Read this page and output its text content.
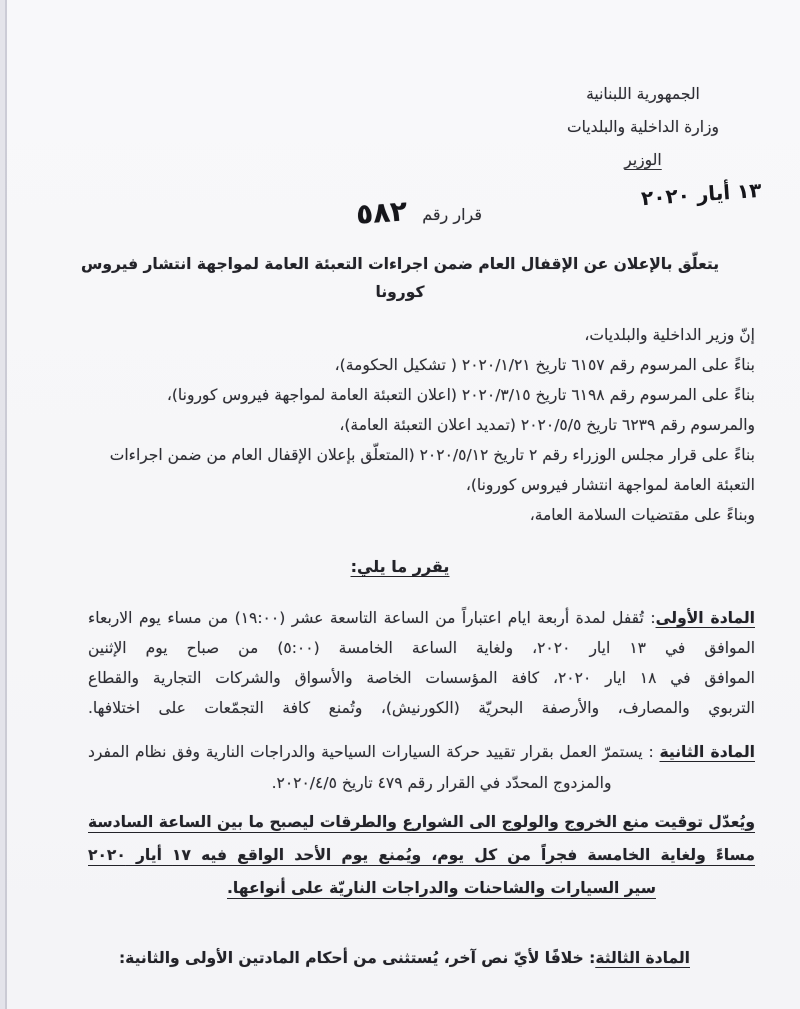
الجمهورية اللبنانية
وزارة الداخلية والبلديات
الوزير
١٣ أيار ٢٠٢٠
قرار رقم ٥٨٢
يتعلّق بالإعلان عن الإقفال العام ضمن اجراءات التعبئة العامة لمواجهة انتشار فيروس كورونا
إنّ وزير الداخلية والبلديات،
بناءً على المرسوم رقم ٦١٥٧ تاريخ ٢٠٢٠/١/٢١ ( تشكيل الحكومة)،
بناءً على المرسوم رقم ٦١٩٨ تاريخ ٢٠٢٠/٣/١٥ (اعلان التعبئة العامة لمواجهة فيروس كورونا)،
والمرسوم رقم ٦٢٣٩ تاريخ ٢٠٢٠/٥/٥ (تمديد اعلان التعبئة العامة)،
بناءً على قرار مجلس الوزراء رقم ٢ تاريخ ٢٠٢٠/٥/١٢ (المتعلّق بإعلان الإقفال العام من ضمن اجراءات
التعبئة العامة لمواجهة انتشار فيروس كورونا)،
وبناءً على مقتضيات السلامة العامة،
يقرر ما يلي:
المادة الأولى: تُقفل لمدة أربعة ايام اعتباراً من الساعة التاسعة عشر (١٩:٠٠) من مساء يوم الاربعاء
الموافق في ١٣ ايار ٢٠٢٠، ولغاية الساعة الخامسة (٥:٠٠) من صباح يوم الإثنين
الموافق في ١٨ ايار ٢٠٢٠، كافة المؤسسات الخاصة والأسواق والشركات التجارية والقطاع
التربوي والمصارف، والأرصفة البحريّة (الكورنيش)، وتُمنع كافة التجمّعات على اختلافها.
المادة الثانية : يستمرّ العمل بقرار تقييد حركة السيارات السياحية والدراجات النارية وفق نظام المفرد
والمزدوج المحدّد في القرار رقم ٤٧٩ تاريخ ٢٠٢٠/٤/٥.
ويُعدّل توقيت منع الخروج والولوج الى الشوارع والطرقات ليصبح ما بين الساعة السادسة
مساءً ولغاية الخامسة فجراً من كل يوم، ويُمنع يوم الأحد الواقع فيه ١٧ أيار ٢٠٢٠
سير السيارات والشاحنات والدراجات الناريّة على أنواعها.
المادة الثالثة: خلافًا لأيّ نص آخر، يُستثنى من أحكام المادتين الأولى والثانية:
